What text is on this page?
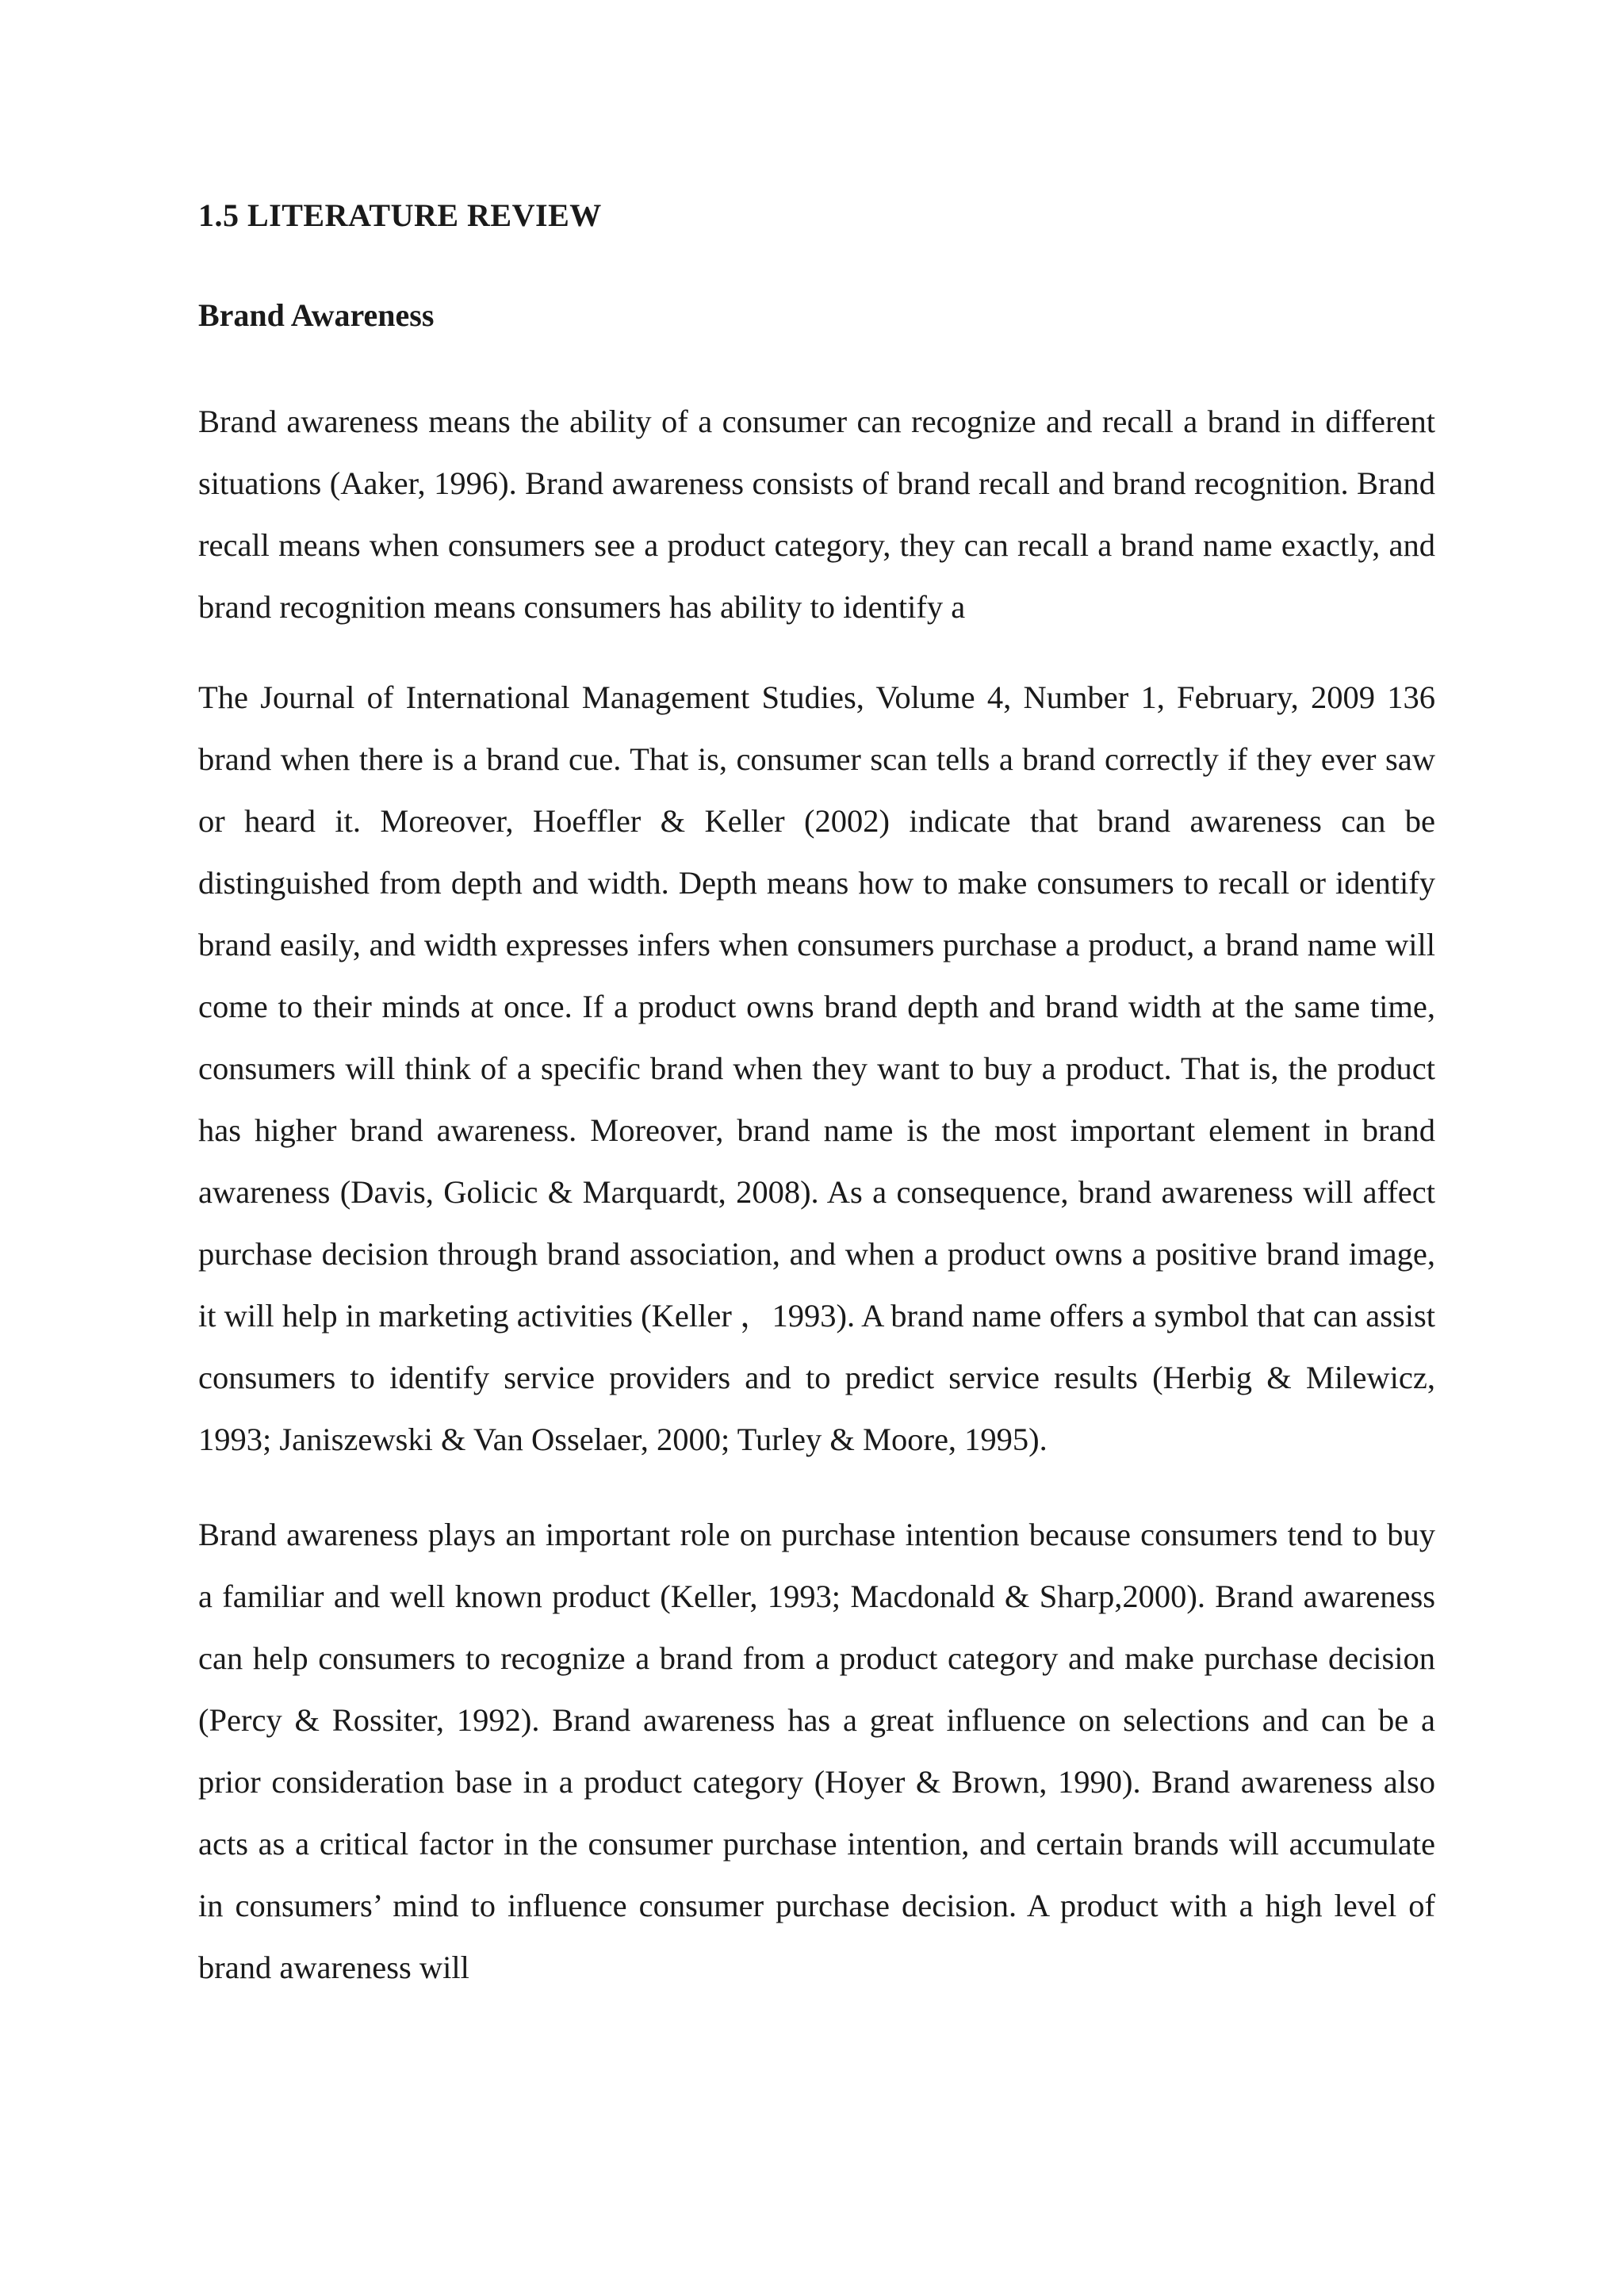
1.5 LITERATURE REVIEW
Brand Awareness

Brand awareness means the ability of a consumer can recognize and recall a brand in different situations (Aaker, 1996). Brand awareness consists of brand recall and brand recognition. Brand recall means when consumers see a product category, they can recall a brand name exactly, and brand recognition means consumers has ability to identify a

The Journal of International Management Studies, Volume 4, Number 1, February, 2009 136 brand when there is a brand cue. That is, consumer scan tells a brand correctly if they ever saw or heard it. Moreover, Hoeffler & Keller (2002) indicate that brand awareness can be distinguished from depth and width. Depth means how to make consumers to recall or identify brand easily, and width expresses infers when consumers purchase a product, a brand name will come to their minds at once. If a product owns brand depth and brand width at the same time, consumers will think of a specific brand when they want to buy a product. That is, the product has higher brand awareness. Moreover, brand name is the most important element in brand awareness (Davis, Golicic & Marquardt, 2008). As a consequence, brand awareness will affect purchase decision through brand association, and when a product owns a positive brand image, it will help in marketing activities (Keller ，1993). A brand name offers a symbol that can assist consumers to identify service providers and to predict service results (Herbig & Milewicz, 1993; Janiszewski & Van Osselaer, 2000; Turley & Moore, 1995).

Brand awareness plays an important role on purchase intention because consumers tend to buy a familiar and well known product (Keller, 1993; Macdonald & Sharp,2000). Brand awareness can help consumers to recognize a brand from a product category and make purchase decision (Percy & Rossiter, 1992). Brand awareness has a great influence on selections and can be a prior consideration base in a product category (Hoyer & Brown, 1990). Brand awareness also acts as a critical factor in the consumer purchase intention, and certain brands will accumulate in consumers’ mind to influence consumer purchase decision. A product with a high level of brand awareness will
